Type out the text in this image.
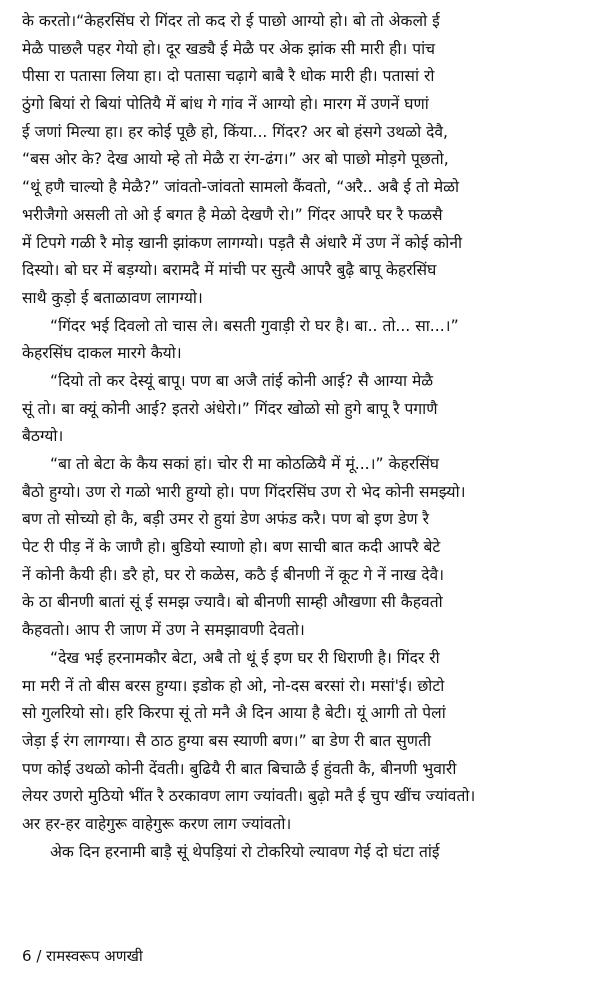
के करतो।“केहरसिंघ रो गिंदर तो कद रो ई पाछो आग्यो हो। बो तो अेकलो ई
मेळै पाछलै पहर गेयो हो। दूर खड्यै ई मेळै पर अेक झांक सी मारी ही। पांच
पीसा रा पतासा लिया हा। दो पतासा चढ़ागे बाबै रै धोक मारी ही। पतासां रो
ठुंगो बियां रो बियां पोतियै में बांध गे गांव नें आग्यो हो। मारग में उणनें घणां
ई जणां मिल्या हा। हर कोई पूछै हो, किंया... गिंदर? अर बो हंसगे उथळो देवै,
“बस ओर के? देख आयो म्हे तो मेळै रा रंग-ढंग।” अर बो पाछो मोड़गे पूछतो,
“थूं हणै चाल्यो है मेळै?” जांवतो-जांवतो सामलो कैंवतो, “अरै.. अबै ई तो मेळो
भरीजैगो असली तो ओ ई बगत है मेळो देखणै रो।” गिंदर आपरै घर रै फळसै
में टिपगे गळी रै मोड़ खानी झांकण लागग्यो। पड़तै सै अंधारै में उण नें कोई कोनी
दिस्यो। बो घर में बड़ग्यो। बरामदै में मांची पर सुत्यै आपरै बुढ़ै बापू केहरसिंघ
साथै कुड़ो ई बताळावण लागग्यो।
“गिंदर भई दिवलो तो चास ले। बसती गुवाड़ी रो घर है। बा.. तो... सा...।”
केहरसिंघ दाकल मारगे कैयो।
“दियो तो कर देस्यूं बापू। पण बा अजै तांई कोनी आई? सै आग्या मेळै
सूं तो। बा क्यूं कोनी आई? इतरो अंधेरो।” गिंदर खोळो सो हुगे बापू रै पगाणै
बैठग्यो।
“बा तो बेटा के कैय सकां हां। चोर री मा कोठळियै में मूं...।” केहरसिंघ
बैठो हुग्यो। उण रो गळो भारी हुग्यो हो। पण गिंदरसिंघ उण रो भेद कोनी समझ्यो।
बण तो सोच्यो हो कै, बड़ी उमर रो हुयां डेण अफंड करै। पण बो इण डेण रै
पेट री पीड़ नें के जाणै हो। बुडियो स्याणो हो। बण साची बात कदी आपरै बेटे
नें कोनी कैयी ही। डरै हो, घर रो कळेस, कठै ई बीनणी नें कूट गे नें नाख देवै।
के ठा बीनणी बातां सूं ई समझ ज्यावै। बो बीनणी साम्ही औखणा सी कैहवतो
कैहवतो। आप री जाण में उण ने समझावणी देवतो।
“देख भई हरनामकौर बेटा, अबै तो थूं ई इण घर री धिराणी है। गिंदर री
मा मरी नें तो बीस बरस हुग्या। इडोक हो ओ, नो-दस बरसां रो। मसां'ई। छोटो
सो गुलरियो सो। हरि किरपा सूं तो मनै अै दिन आया है बेटी। यूं आगी तो पेलां
जेड़ा ई रंग लागग्या। सै ठाठ हुग्या बस स्याणी बण।” बा डेण री बात सुणती
पण कोई उथळो कोनी देंवती। बुढियै री बात बिचाळै ई हुंवती कै, बीनणी भुवारी
लेयर उणरो मुठियो भींत रै ठरकावण लाग ज्यांवती। बुढ़ो मतै ई चुप खींच ज्यांवतो।
अर हर-हर वाहेगुरू वाहेगुरू करण लाग ज्यांवतो।
अेक दिन हरनामी बाड़ै सूं थेपड़ियां रो टोकरियो ल्यावण गेई दो घंटा तांई
6 / रामस्वरूप अणखी
